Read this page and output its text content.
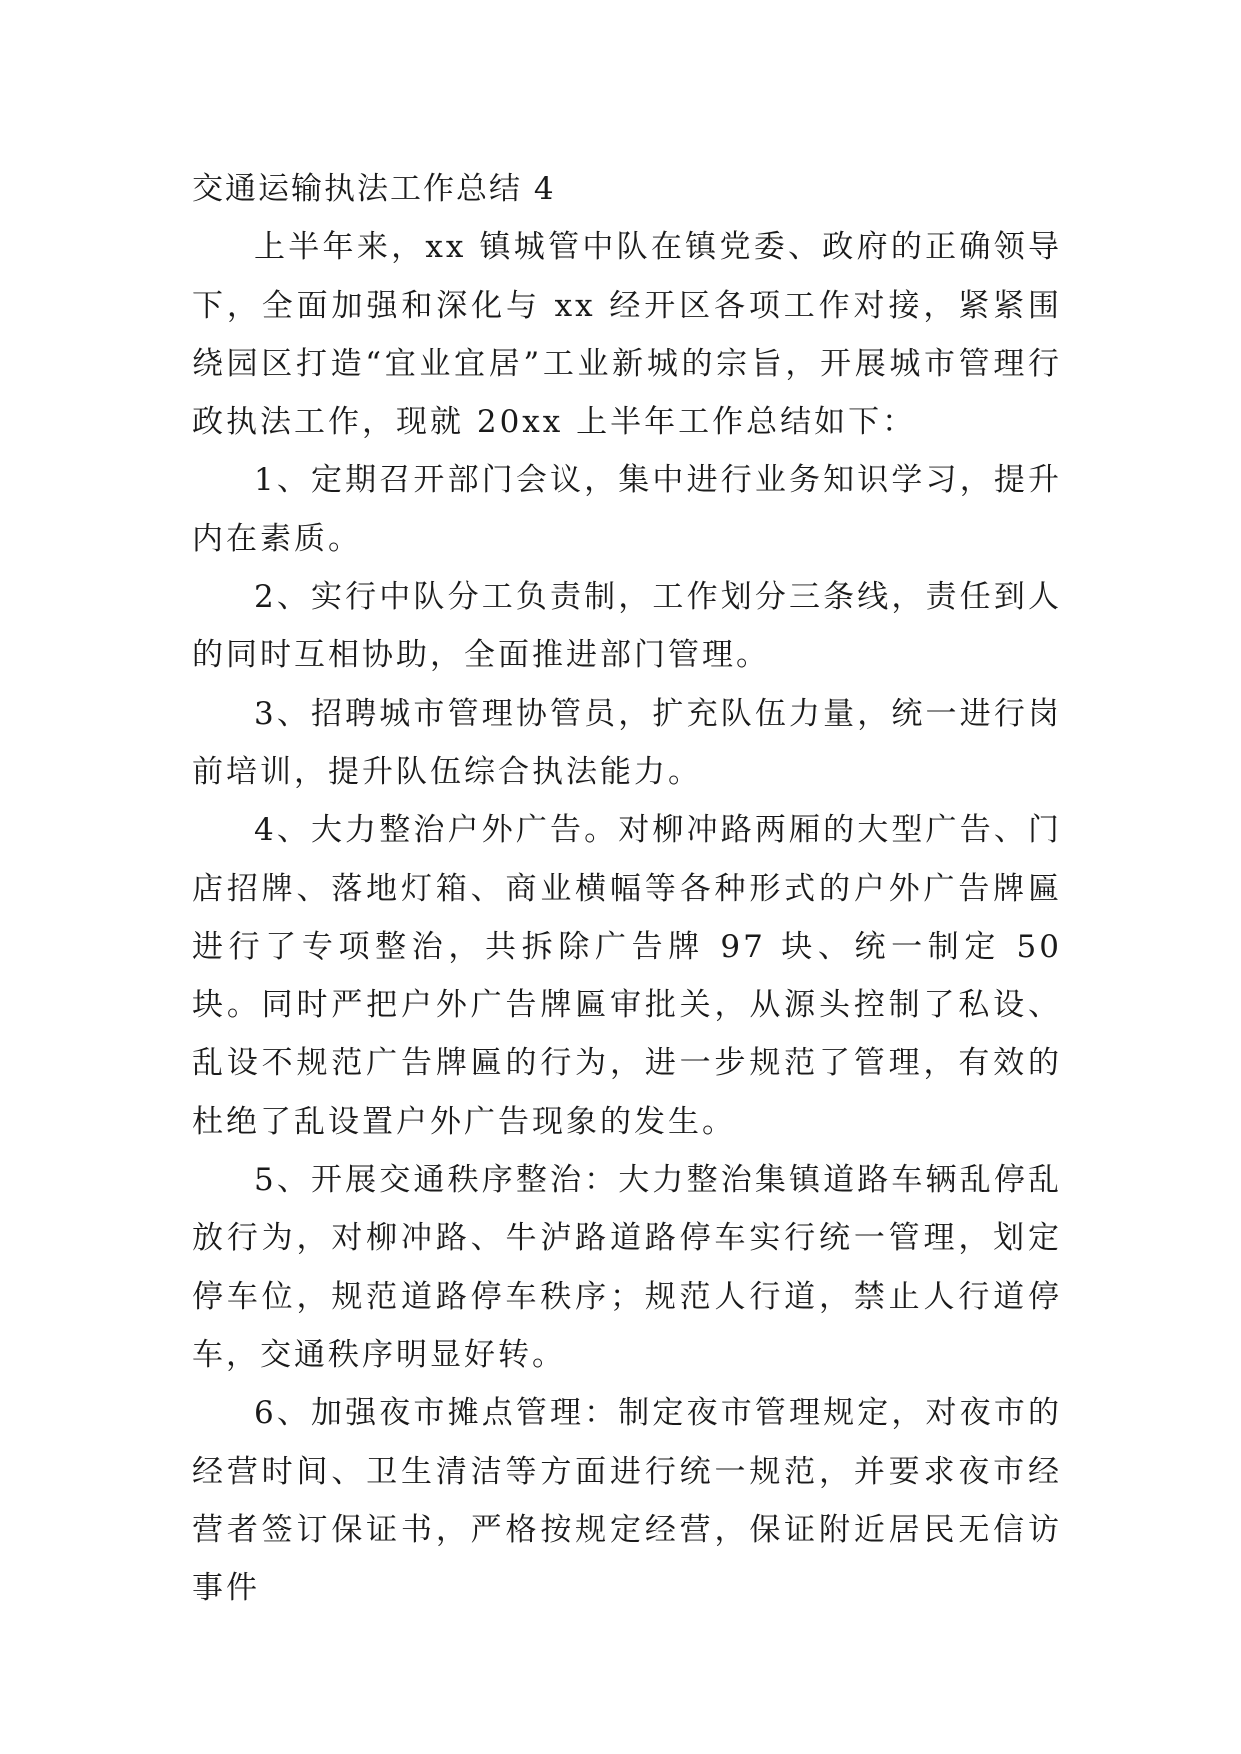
交通运输执法工作总结 4

上半年来，xx 镇城管中队在镇党委、政府的正确领导下，全面加强和深化与 xx 经开区各项工作对接，紧紧围绕园区打造“宜业宜居”工业新城的宗旨，开展城市管理行政执法工作，现就 20xx 上半年工作总结如下：

1、定期召开部门会议，集中进行业务知识学习，提升内在素质。

2、实行中队分工负责制，工作划分三条线，责任到人的同时互相协助，全面推进部门管理。

3、招聘城市管理协管员，扩充队伍力量，统一进行岗前培训，提升队伍综合执法能力。

4、大力整治户外广告。对柳冲路两厢的大型广告、门店招牌、落地灯箱、商业横幅等各种形式的户外广告牌匾进行了专项整治，共拆除广告牌 97 块、统一制定 50 块。同时严把户外广告牌匾审批关，从源头控制了私设、乱设不规范广告牌匾的行为，进一步规范了管理，有效的杜绝了乱设置户外广告现象的发生。

5、开展交通秩序整治：大力整治集镇道路车辆乱停乱放行为，对柳冲路、牛泸路道路停车实行统一管理，划定停车位，规范道路停车秩序；规范人行道，禁止人行道停车，交通秩序明显好转。

6、加强夜市摊点管理：制定夜市管理规定，对夜市的经营时间、卫生清洁等方面进行统一规范，并要求夜市经营者签订保证书，严格按规定经营，保证附近居民无信访事件
